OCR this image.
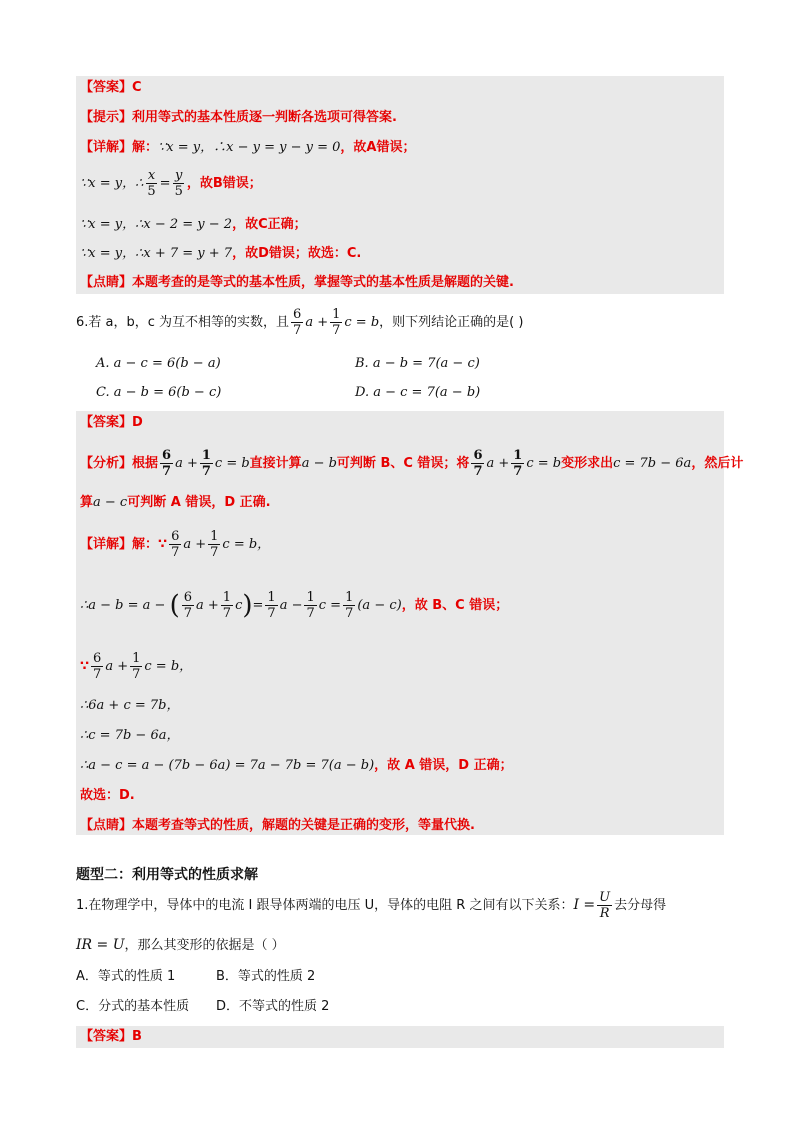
【答案】C
【提示】利用等式的基本性质逐一判断各选项可得答案.
【详解】解：∵x = y，∴x − y = y − y = 0，故A错误；
∵x = y，∴ $\frac{x}{5} = \frac{y}{5}$ ，故B错误；
∵x = y，∴x − 2 = y − 2，故C正确；
∵x = y，∴x + 7 = y + 7，故D错误；故选：C.
【点睛】本题考查的是等式的基本性质，掌握等式的基本性质是解题的关键.
6.若 a，b，c 为互不相等的实数，且 $\frac{6}{7}$ $a + \frac{1}{7}$ c = b，则下列结论正确的是( )
A. a − c = 6(b − a)	B. a − b = 7(a − c)
C. a − b = 6(b − c)	D. a − c = 7(a − b)
【答案】D
【分析】根据 $\frac{6}{7}$ $a + \frac{1}{7}$ c = b直接计算a − b可判断 B、C 错误；将 $\frac{6}{7}$ $a + \frac{1}{7}$ c = b变形求出c = 7b − 6a，然后计
算a − c可判断 A 错误，D 正确.
【详解】解：∵ $\frac{6}{7}$ $a + \frac{1}{7}$ c = b，
∴a − b = a − ( $\frac{6}{7}$ $a + \frac{1}{7} c)= \frac{1}{7}$ $a - \frac{1}{7}$ $c = \frac{1}{7} (a - c)$，故 B、C 错误；
∵ $\frac{6}{7}$ $a + \frac{1}{7}$ c = b，
∴6a + c = 7b，
∴c = 7b − 6a，
∴a − c = a − (7b − 6a) = 7a − 7b = 7(a − b)，故 A 错误，D 正确；
故选：D.
【点睛】本题考查等式的性质，解题的关键是正确的变形，等量代换.
题型二：利用等式的性质求解
1.在物理学中，导体中的电流 I 跟导体两端的电压 U，导体的电阻 R 之间有以下关系：$I = \frac{U}{R}$ 去分母得
IR = U，那么其变形的依据是（ ）
A．等式的性质 1	B．等式的性质 2
C．分式的基本性质 D．不等式的性质 2
【答案】B
